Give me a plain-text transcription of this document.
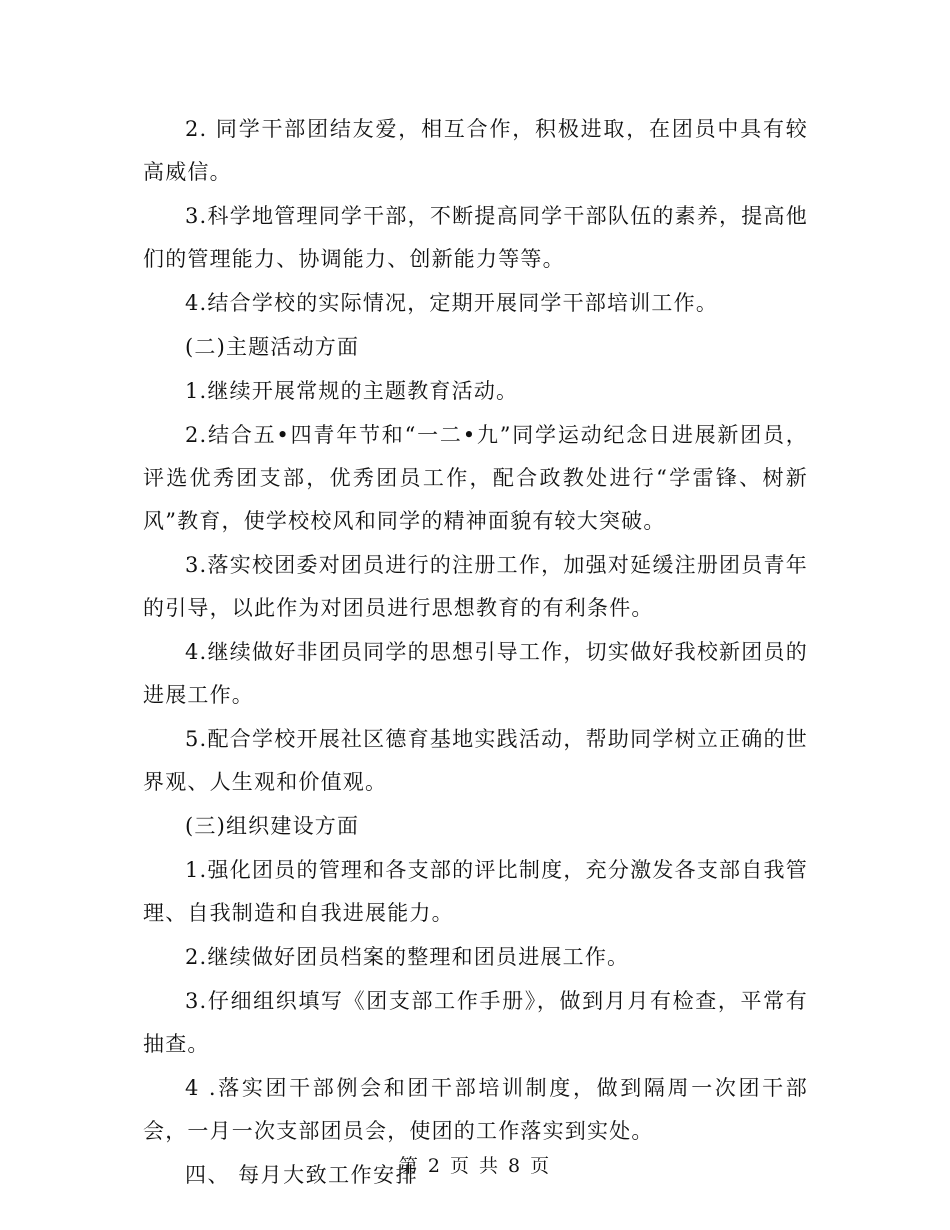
2. 同学干部团结友爱，相互合作，积极进取，在团员中具有较高威信。

3.科学地管理同学干部，不断提高同学干部队伍的素养，提高他们的管理能力、协调能力、创新能力等等。

4.结合学校的实际情况，定期开展同学干部培训工作。

(二)主题活动方面

1.继续开展常规的主题教育活动。

2.结合五•四青年节和“一二•九”同学运动纪念日进展新团员，评选优秀团支部，优秀团员工作，配合政教处进行“学雷锋、树新风”教育，使学校校风和同学的精神面貌有较大突破。

3.落实校团委对团员进行的注册工作，加强对延缓注册团员青年的引导，以此作为对团员进行思想教育的有利条件。

4.继续做好非团员同学的思想引导工作，切实做好我校新团员的进展工作。

5.配合学校开展社区德育基地实践活动，帮助同学树立正确的世界观、人生观和价值观。

(三)组织建设方面

1.强化团员的管理和各支部的评比制度，充分激发各支部自我管理、自我制造和自我进展能力。

2.继续做好团员档案的整理和团员进展工作。

3.仔细组织填写《团支部工作手册》，做到月月有检查，平常有抽查。

4 .落实团干部例会和团干部培训制度，做到隔周一次团干部会，一月一次支部团员会，使团的工作落实到实处。

四、 每月大致工作安排

第 2 页 共 8 页
